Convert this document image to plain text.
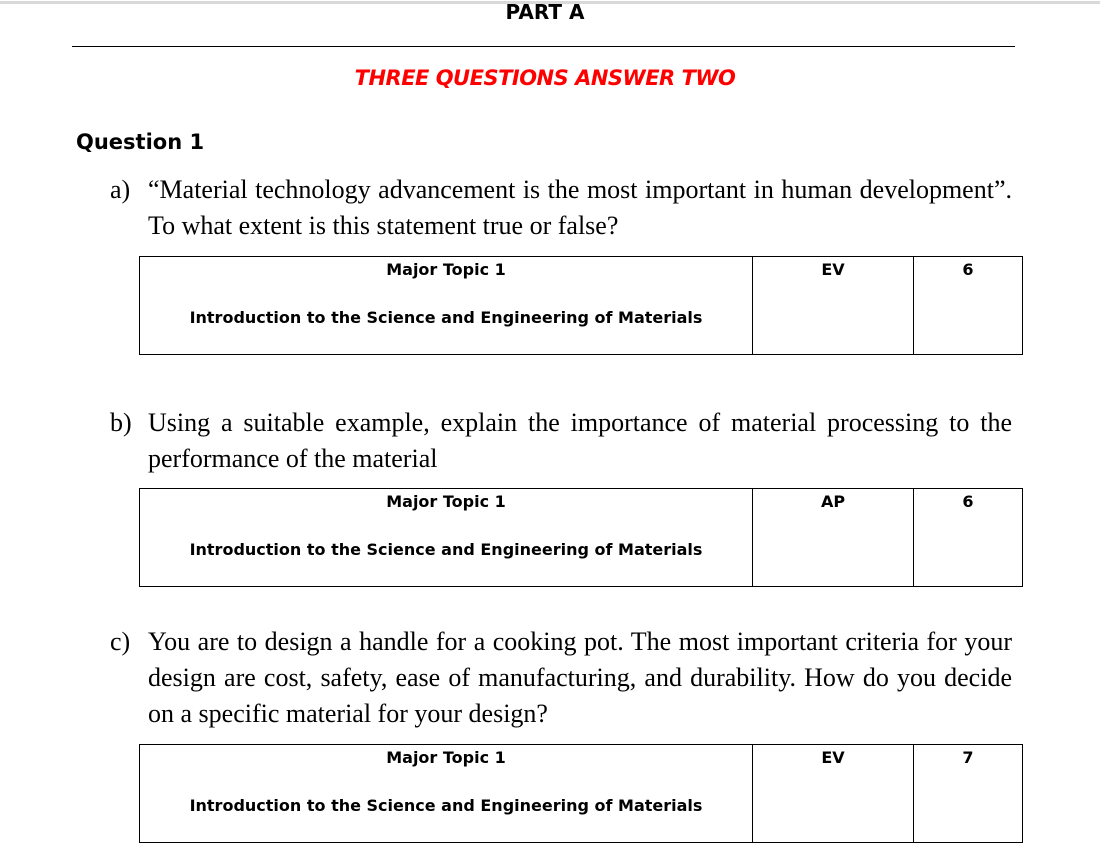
PART A
THREE QUESTIONS ANSWER TWO
Question 1
a) “Material technology advancement is the most important in human development”. To what extent is this statement true or false?
Major Topic 1
Introduction to the Science and Engineering of Materials

EV	6
b) Using a suitable example, explain the importance of material processing to the performance of the material
Major Topic 1
Introduction to the Science and Engineering of Materials

AP	6
c) You are to design a handle for a cooking pot. The most important criteria for your design are cost, safety, ease of manufacturing, and durability. How do you decide on a specific material for your design?
Major Topic 1
Introduction to the Science and Engineering of Materials

EV	7
